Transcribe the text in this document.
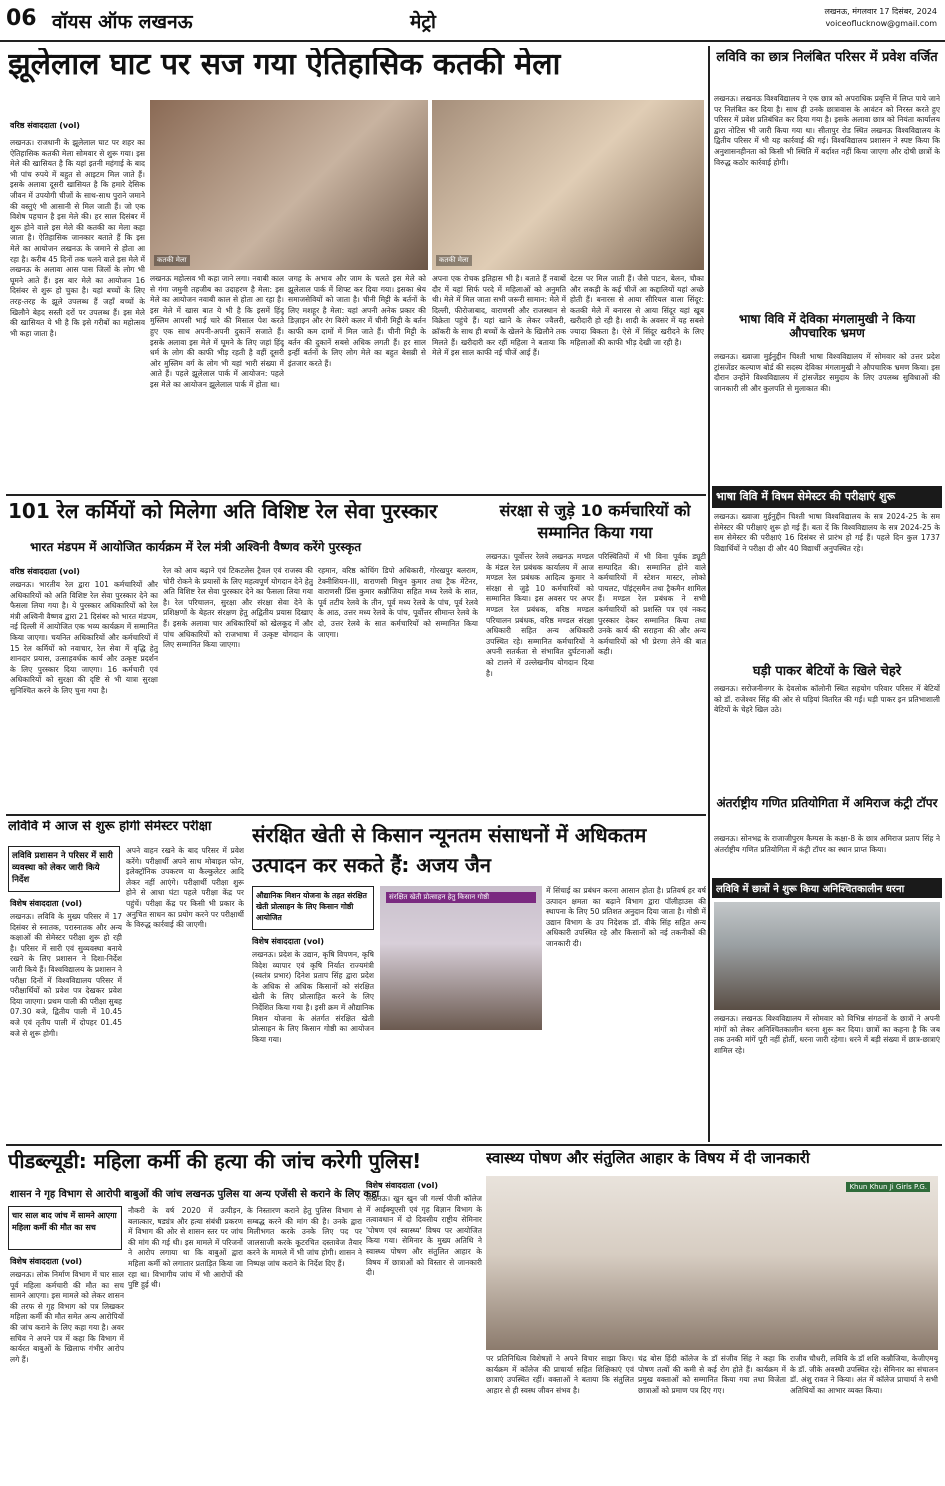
06 वॉयस ऑफ लखनऊ	मेट्रो	लखनऊ, मंगलवार 17 दिसंबर, 2024
voiceoflucknow@gmail.com
झूलेलाल घाट पर सज गया ऐतिहासिक कतकी मेला
वरिष्ठ संवाददाता (vol)
लखनऊ। राजधानी के झूलेलाल घाट पर शहर का ऐतिहासिक कतकी मेला सोमवार से शुरू गया। इस मेले की खासियत है कि यहां इतनी महंगाई के बाद भी पांच रुपये में बहुत से आइटम मिल जाते हैं। इसके अलावा दूसरी खासियत है कि हमारे देसिक जीवन में उपयोगी चीजों के साथ-साथ पुराने जमाने की वस्तुएं भी आसानी से मिल जाती हैं। जो एक विशेष पहचान है इस मेले की। हर साल दिसंबर में शुरू होने वाले इस मेले की कतकी का मेला कहा जाता है। ऐतिहासिक जानकार बताते हैं कि इस मेले का आयोजन लखनऊ के जमाने से होता आ रहा है। करीब 45 दिनों तक चलने वाले इस मेले में लखनऊ के अलावा आस पास जिलों के लोग भी घूमने आते हैं। इस बार मेले का आयोजन 16 दिसंबर से शुरू हो चुका है। यहां बच्चों के लिए तरह-तरह के झूले उपलब्ध हैं जहाँ बच्चों के खिलौने बेहद सस्ती दरों पर उपलब्ध हैं। इस मेले की खासियत ये भी है कि इसे गरीबों का महोत्सव भी कहा जाता है।
कतकी मेला	कतकी मेला
लखनऊ महोत्सव भी कहा जाने लगा। नवाबी काल से गंगा जमुनी तहजीब का उदाहरण है मेला: इस मेले का आयोजन नवाबी काल से होता आ रहा है। इस मेले में खास बात ये भी है कि इसमें हिंदू मुस्लिम आपसी भाई चारे की मिसाल पेश करते हुए एक साथ अपनी-अपनी दुकानें सजाते हैं। इसके अलावा इस मेले में घूमने के लिए जहां हिंदू धर्म के लोग की काफी भीड़ रहती है वहीं दूसरी ओर मुस्लिम वर्ग के लोग भी यहां भारी संख्या में आते हैं। पहले झूलेलाल पार्क में आयोजन: पहले इस मेले का आयोजन झूलेलाल पार्क में होता था।
जगह के अभाव और जाम के चलते इस मेले को झूलेलाल पार्क में शिफ्ट कर दिया गया। इसका श्रेय समाजसेवियों को जाता है। चीनी मिट्टी के बर्तनों के लिए मशहूर है मेला: यहां अपनी अनेक प्रकार की डिज़ाइन और रंग बिरंगे कलर में चीनी मिट्टी के बर्तन काफी कम दामों में मिल जाते हैं। चीनी मिट्टी के बर्तन की दुकानें सबसे अधिक लगती हैं। हर साल इन्हीं बर्तनों के लिए लोग मेले का बहुत बेसब्री से इंतजार करते हैं।
अपना एक रोचक इतिहास भी है। बताते हैं नवाबों दौर में यहां सिर्फ परदे में महिलाओं को अनुमति थी। मेले में मिल जाता सभी जरूरी सामान: मेले में दिल्ली, फीरोजाबाद, वाराणसी और राजस्थान से विक्रेता पहुंचे हैं। यहां खाने के लेकर ज्वैलरी, क्रॉकरी के साथ ही बच्चों के खेलने के खिलौने तक मिलते हैं। खरीदारी कर रहीं महिला ने बताया कि मेले में इस साल काफी नई चीजें आई हैं।
देटस पर मिल जाती हैं। जैसे पाटन, बेलन, चौका और लकड़ी के कई चीजें आ कद्दालियों यहां अच्छे होती हैं। बनारस से आया सीरियल वाला सिंदूर: कतकी मेले में बनारस से आया सिंदूर यहां खूब खरीदारी हो रही है। शादी के अवसर में यह सबसे ज्यादा बिकता है। ऐसे में सिंदूर खरीदने के लिए महिलाओं की काफी भीड़ देखी जा रही है।
101 रेल कर्मियों को मिलेगा अति विशिष्ट रेल सेवा पुरस्कार
भारत मंडपम में आयोजित कार्यक्रम में रेल मंत्री अश्विनी वैष्णव करेंगे पुरस्कृत
वरिष्ठ संवाददाता (vol)
लखनऊ। भारतीय रेल द्वारा 101 कर्मचारियों और अधिकारियों को अति विशिष्ट रेल सेवा पुरस्कार देने का फैसला लिया गया है। ये पुरस्कार अधिकारियों को रेल मंत्री अश्विनी वैष्णव द्वारा 21 दिसंबर को भारत मंडपम, नई दिल्ली में आयोजित एक भव्य कार्यक्रम में सम्मानित किया जाएगा। चयनित अधिकारियों और कर्मचारियों में 15 रेल कर्मियों को नवाचार, रेल सेवा में वृद्धि हेतु शानदार प्रयास, उत्साहवर्धक कार्य और उत्कृष्ट प्रदर्शन के लिए पुरस्कार दिया जाएगा। 16 कर्मचारी एवं अधिकारियों को सुरक्षा की दृष्टि से भी यात्रा सुरक्षा सुनिश्चित करने के लिए चुना गया है।
रेल को आय बढ़ाने एवं टिकटलेस ट्रैवल एवं राजस्व की चोरी रोकने के प्रयासों के लिए महत्वपूर्ण योगदान देने हेतु अति विशिष्ट रेल सेवा पुरस्कार देने का फैसला लिया गया है। रेल परिचालन, सुरक्षा और संरक्षा सेवा देने के प्रशिक्षणों के बेहतर संरक्षण हेतु अद्वितीय प्रयास दिखाए हैं। इसके अलावा चार अधिकारियों को खेलकूद में और पांच अधिकारियों को राजभाषा में उत्कृष्ट योगदान के लिए सम्मानित किया जाएगा।
रहमान, वरिष्ठ कोचिंग डिपो अधिकारी, गोरखपुर बलराम, टेक्नीशियन-III, वाराणसी मिथुन कुमार तथा ट्रैक मेंटेनर, वाराणसी प्रिंस कुमार कन्नौजिया सहित मध्य रेलवे के सात, पूर्व तटीय रेलवे के तीन, पूर्व मध्य रेलवे के पांच, पूर्व रेलवे के आठ, उत्तर मध्य रेलवे के पांच, पूर्वोत्तर सीमान्त रेलवे के दो, उत्तर रेलवे के सात कर्मचारियों को सम्मानित किया जाएगा।
संरक्षा से जुड़े 10 कर्मचारियों को सम्मानित किया गया
लखनऊ। पूर्वोत्तर रेलवे लखनऊ मण्डल के मंडल रेल प्रबंधक कार्यालय में आज मण्डल रेल प्रबंधक आदित्य कुमार ने संरक्षा से जुड़े 10 कर्मचारियों को सम्मानित किया। इस अवसर पर अपर मण्डल रेल प्रबंधक, वरिष्ठ मण्डल परिचालन प्रबंधक, वरिष्ठ मण्डल संरक्षा अधिकारी सहित अन्य अधिकारी उपस्थित रहे। सम्मानित कर्मचारियों ने अपनी सतर्कता से संभावित दुर्घटनाओं को टालने में उल्लेखनीय योगदान दिया है।
परिस्थितियों में भी विना पूर्वक ड्यूटी सम्पादित की। सम्मानित होने वाले कर्मचारियों में स्टेशन मास्टर, लोको पायलट, पॉइंट्समैन तथा ट्रैकमैन शामिल हैं। मण्डल रेल प्रबंधक ने सभी कर्मचारियों को प्रशस्ति पत्र एवं नकद पुरस्कार देकर सम्मानित किया तथा उनके कार्य की सराहना की और अन्य कर्मचारियों को भी प्रेरणा लेने की बात कही।
लविवि में आज से शुरू होगी सेमेस्टर परीक्षा
लविवि प्रशासन ने परिसर में सारी व्यवस्था को लेकर जारी किये निर्देश
विशेष संवाददाता (vol)
लखनऊ। लविवि के मुख्य परिसर में 17 दिसंबर से स्नातक, परास्नातक और अन्य कक्षाओं की सेमेस्टर परीक्षा शुरू हो रही है। परिसर में सारी एवं सुव्यवस्था बनाये रखने के लिए प्रशासन ने दिशा-निर्देश जारी किये हैं। विश्वविद्यालय के प्रशासन ने परीक्षा दिनों में विश्वविद्यालय परिसर में परीक्षार्थियों को प्रवेश पत्र देखकर प्रवेश दिया जाएगा। प्रथम पाली की परीक्षा सुबह 07.30 बजे, द्वितीय पाली में 10.45 बजे एवं तृतीय पाली में दोपहर 01.45 बजे से शुरू होगी।
अपने वाहन रखने के बाद परिसर में प्रवेश करेंगे। परीक्षार्थी अपने साथ मोबाइल फोन, इलेक्ट्रॉनिक उपकरण या कैल्कुलेटर आदि लेकर नहीं आएंगे। परीक्षार्थी परीक्षा शुरू होने से आधा घंटा पहले परीक्षा केंद्र पर पहुंचें। परीक्षा केंद्र पर किसी भी प्रकार के अनुचित साधन का प्रयोग करने पर परीक्षार्थी के विरुद्ध कार्रवाई की जाएगी।
संरक्षित खेती से किसान न्यूनतम संसाधनों में अधिकतम उत्पादन कर सकते हैं: अजय जैन
औद्यानिक मिशन योजना के तहत संरक्षित खेती प्रोत्साहन के लिए किसान गोष्ठी आयोजित
विशेष संवाददाता (vol)
लखनऊ। प्रदेश के उद्यान, कृषि विपणन, कृषि विदेश व्यापार एवं कृषि निर्यात राज्यमंत्री (स्वतंत्र प्रभार) दिनेश प्रताप सिंह द्वारा प्रदेश के अधिक से अधिक किसानों को संरक्षित खेती के लिए प्रोत्साहित करने के लिए निर्देशित किया गया है। इसी क्रम में औद्यानिक मिशन योजना के अंतर्गत संरक्षित खेती प्रोत्साहन के लिए किसान गोष्ठी का आयोजन किया गया।
संरक्षित खेती प्रोत्साहन हेतु किसान गोष्ठी
में सिंचाई का प्रबंधन करना आसान होता है। प्रतिवर्ष हर वर्ष उत्पादन क्षमता का बढ़ाने विभाग द्वारा पॉलीहाउस की स्थापना के लिए 50 प्रतिशत अनुदान दिया जाता है। गोष्ठी में उद्यान विभाग के उप निदेशक डॉ. वीके सिंह सहित अन्य अधिकारी उपस्थित रहे और किसानों को नई तकनीकों की जानकारी दी।
पीडब्ल्यूडी: महिला कर्मी की हत्या की जांच करेगी पुलिस!
शासन ने गृह विभाग से आरोपी बाबुओं की जांच लखनऊ पुलिस या अन्य एजेंसी से कराने के लिए कहा
चार साल बाद जांच में सामने आएगा महिला कर्मी की मौत का सच
विशेष संवाददाता (vol)
लखनऊ। लोक निर्माण विभाग में चार साल पूर्व महिला कर्मचारी की मौत का सच सामने आएगा। इस मामले को लेकर शासन की तरफ से गृह विभाग को पत्र लिखकर महिला कर्मी की मौत समेत अन्य आरोपियों की जांच कराने के लिए कहा गया है। अवर सचिव ने अपने पत्र में कहा कि विभाग में कार्यरत बाबुओं के खिलाफ गंभीर आरोप लगे हैं।
नौकरी के वर्ष 2020 में उत्पीड़न, बलात्कार, षड्यंत्र और हत्या संबंधी प्रकरण में विभाग की ओर से शासन स्तर पर जांच की मांग की गई थी। इस मामले में परिजनों ने आरोप लगाया था कि बाबुओं द्वारा महिला कर्मी को लगातार प्रताड़ित किया जा रहा था। विभागीय जांच में भी आरोपों की पुष्टि हुई थी।
के निस्तारण कराने हेतु पुलिस विभाग से सम्बद्ध करने की मांग की है। उनके द्वारा मिलीभगत करके उनके लिए पद पर जालसाजी करके कूटरचित दस्तावेज तैयार करने के मामले में भी जांच होगी। शासन ने निष्पक्ष जांच कराने के निर्देश दिए हैं।
स्वास्थ्य पोषण और संतुलित आहार के विषय में दी जानकारी
विशेष संवाददाता (vol)
लखनऊ। खुन खुन जी गर्ल्स पीजी कॉलेज में आईक्यूएसी एवं गृह विज्ञान विभाग के तत्वावधान में दो दिवसीय राष्ट्रीय सेमिनार 'पोषण एवं स्वास्थ्य' विषय पर आयोजित किया गया। सेमिनार के मुख्य अतिथि ने स्वास्थ्य पोषण और संतुलित आहार के विषय में छात्राओं को विस्तार से जानकारी दी।
Khun Khun Ji Girls P.G.
पर प्रतिनिधित्व विशेषज्ञों ने अपने विचार साझा किए। कार्यक्रम में कॉलेज की प्राचार्या सहित शिक्षिकाएं एवं छात्राएं उपस्थित रहीं। वक्ताओं ने बताया कि संतुलित आहार से ही स्वस्थ जीवन संभव है।
चंद्र बोस हिंदी कॉलेज के डॉ संजीव सिंह ने कहा कि पोषण तत्वों की कमी से कई रोग होते हैं। कार्यक्रम में प्रमुख वक्ताओं को सम्मानित किया गया तथा विजेता छात्राओं को प्रमाण पत्र दिए गए।
राजीव चौधरी, लविवि के डॉ शशि कन्नौजिया, केजीएमयू के डॉ. जीके अवस्थी उपस्थित रहे। सेमिनार का संचालन डॉ. अंशु रावत ने किया। अंत में कॉलेज प्राचार्या ने सभी अतिथियों का आभार व्यक्त किया।
लविवि का छात्र निलंबित परिसर में प्रवेश वर्जित
लखनऊ। लखनऊ विश्वविद्यालय ने एक छात्र को अपराधिक प्रवृत्ति में लिप्त पाये जाने पर निलंबित कर दिया है। साथ ही उनके छात्रावास के आवंटन को निरस्त करते हुए परिसर में प्रवेश प्रतिबंधित कर दिया गया है। इसके अलावा छात्र को नियंता कार्यालय द्वारा नोटिस भी जारी किया गया था। सीतापुर रोड स्थित लखनऊ विश्वविद्यालय के द्वितीय परिसर में भी यह कार्रवाई की गई। विश्वविद्यालय प्रशासन ने स्पष्ट किया कि अनुशासनहीनता को किसी भी स्थिति में बर्दाश्त नहीं किया जाएगा और दोषी छात्रों के विरुद्ध कठोर कार्रवाई होगी।
भाषा विवि में देविका मंगलामुखी ने किया औपचारिक भ्रमण
लखनऊ। ख्वाजा मुईनुद्दीन चिश्ती भाषा विश्वविद्यालय में सोमवार को उत्तर प्रदेश ट्रांसजेंडर कल्याण बोर्ड की सदस्य देविका मंगलामुखी ने औपचारिक भ्रमण किया। इस दौरान उन्होंने विश्वविद्यालय में ट्रांसजेंडर समुदाय के लिए उपलब्ध सुविधाओं की जानकारी ली और कुलपति से मुलाकात की।
भाषा विवि में विषम सेमेस्टर की परीक्षाएं शुरू
लखनऊ। ख्वाजा मुईनुद्दीन चिश्ती भाषा विश्वविद्यालय के सत्र 2024-25 के सम सेमेस्टर की परीक्षाएं शुरू हो गई हैं। बता दें कि विश्वविद्यालय के सत्र 2024-25 के सम सेमेस्टर की परीक्षाएं 16 दिसंबर से प्रारंभ हो गई हैं। पहले दिन कुल 1737 विद्यार्थियों ने परीक्षा दी और 40 विद्यार्थी अनुपस्थित रहे।
घड़ी पाकर बेटियों के खिले चेहरे
लखनऊ। सरोजनीनगर के देवलोक कॉलोनी स्थित सहयोग परिवार परिसर में बेटियों को डॉ. राजेश्वर सिंह की ओर से घड़ियां वितरित की गईं। घड़ी पाकर इन प्रतिभाशाली बेटियों के चेहरे खिल उठे।
अंतर्राष्ट्रीय गणित प्रतियोगिता में अमिराज कंट्री टॉपर
लखनऊ। सोनभद्र के राजाजीपुरम कैम्पस के कक्षा-8 के छात्र अमिराज प्रताप सिंह ने अंतर्राष्ट्रीय गणित प्रतियोगिता में कंट्री टॉपर का स्थान प्राप्त किया।
लविवि में छात्रों ने शुरू किया अनिश्चितकालीन धरना
लखनऊ। लखनऊ विश्वविद्यालय में सोमवार को विभिन्न संगठनों के छात्रों ने अपनी मांगों को लेकर अनिश्चितकालीन धरना शुरू कर दिया। छात्रों का कहना है कि जब तक उनकी मांगें पूरी नहीं होतीं, धरना जारी रहेगा। धरने में बड़ी संख्या में छात्र-छात्राएं शामिल रहे।
